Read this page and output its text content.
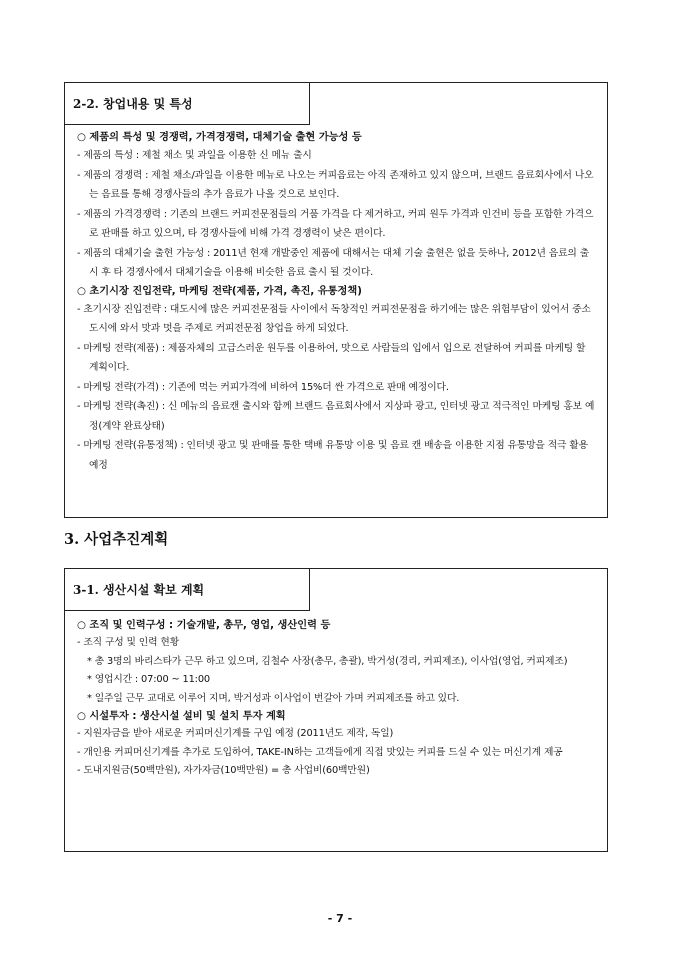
2-2. 창업내용 및 특성
○ 제품의 특성 및 경쟁력, 가격경쟁력, 대체기술 출현 가능성 등
- 제품의 특성 : 제철 채소 및 과일을 이용한 신 메뉴 출시
- 제품의 경쟁력 : 제철 채소/과일을 이용한 메뉴로 나오는 커피음료는 아직 존재하고 있지 않으며, 브랜드 음료회사에서 나오는 음료를 통해 경쟁사들의 추가 음료가 나올 것으로 보인다.
- 제품의 가격경쟁력 : 기존의 브랜드 커피전문점들의 거품 가격을 다 제거하고, 커피 원두 가격과 인건비 등을 포함한 가격으로 판매를 하고 있으며, 타 경쟁사들에 비해 가격 경쟁력이 낮은 편이다.
- 제품의 대체기술 출현 가능성 : 2011년 현재 개발중인 제품에 대해서는 대체 기술 출현은 없을 듯하나, 2012년 음료의 출시 후 타 경쟁사에서 대체기술을 이용해 비슷한 음료 출시 될 것이다.
○ 초기시장 진입전략, 마케팅 전략(제품, 가격, 촉진, 유통정책)
- 초기시장 진입전략 : 대도시에 많은 커피전문점들 사이에서 독창적인 커피전문점을 하기에는 많은 위험부담이 있어서 중소도시에 와서 맛과 멋을 주제로 커피전문점 창업을 하게 되었다.
- 마케팅 전략(제품) : 제품자체의 고급스러운 원두를 이용하여, 맛으로 사람들의 입에서 입으로 전달하여 커피를 마케팅 할 계획이다.
- 마케팅 전략(가격) : 기존에 먹는 커피가격에 비하여 15%더 싼 가격으로 판매 예정이다.
- 마케팅 전략(촉진) : 신 메뉴의 음료캔 출시와 함께 브랜드 음료회사에서 지상파 광고, 인터넷 광고 적극적인 마케팅 홍보 예정(계약 완료상태)
- 마케팅 전략(유통정책) : 인터넷 광고 및 판매를 통한 택배 유통망 이용 및 음료 캔 배송을 이용한 지점 유통망을 적극 활용 예정
3. 사업추진계획
3-1. 생산시설 확보 계획
○ 조직 및 인력구성 : 기술개발, 총무, 영업, 생산인력 등
- 조직 구성 및 인력 현황
* 총 3명의 바리스타가 근무 하고 있으며, 김철수 사장(총무, 총괄), 박거성(경리, 커피제조), 이사업(영업, 커피제조)
* 영업시간 : 07:00 ~ 11:00
* 일주일 근무 교대로 이루어 지며, 박거성과 이사업이 번갈아 가며 커피제조를 하고 있다.
○ 시설투자 : 생산시설 설비 및 설치 투자 계획
- 지원자금을 받아 새로운 커피머신기계를 구입 예정 (2011년도 제작, 독일)
- 개인용 커피머신기계를 추가로 도입하여, TAKE-IN하는 고객들에게 직접 맛있는 커피를 드실 수 있는 머신기계 제공
- 도내지원금(50백만원), 자가자금(10백만원) = 총 사업비(60백만원)
- 7 -
